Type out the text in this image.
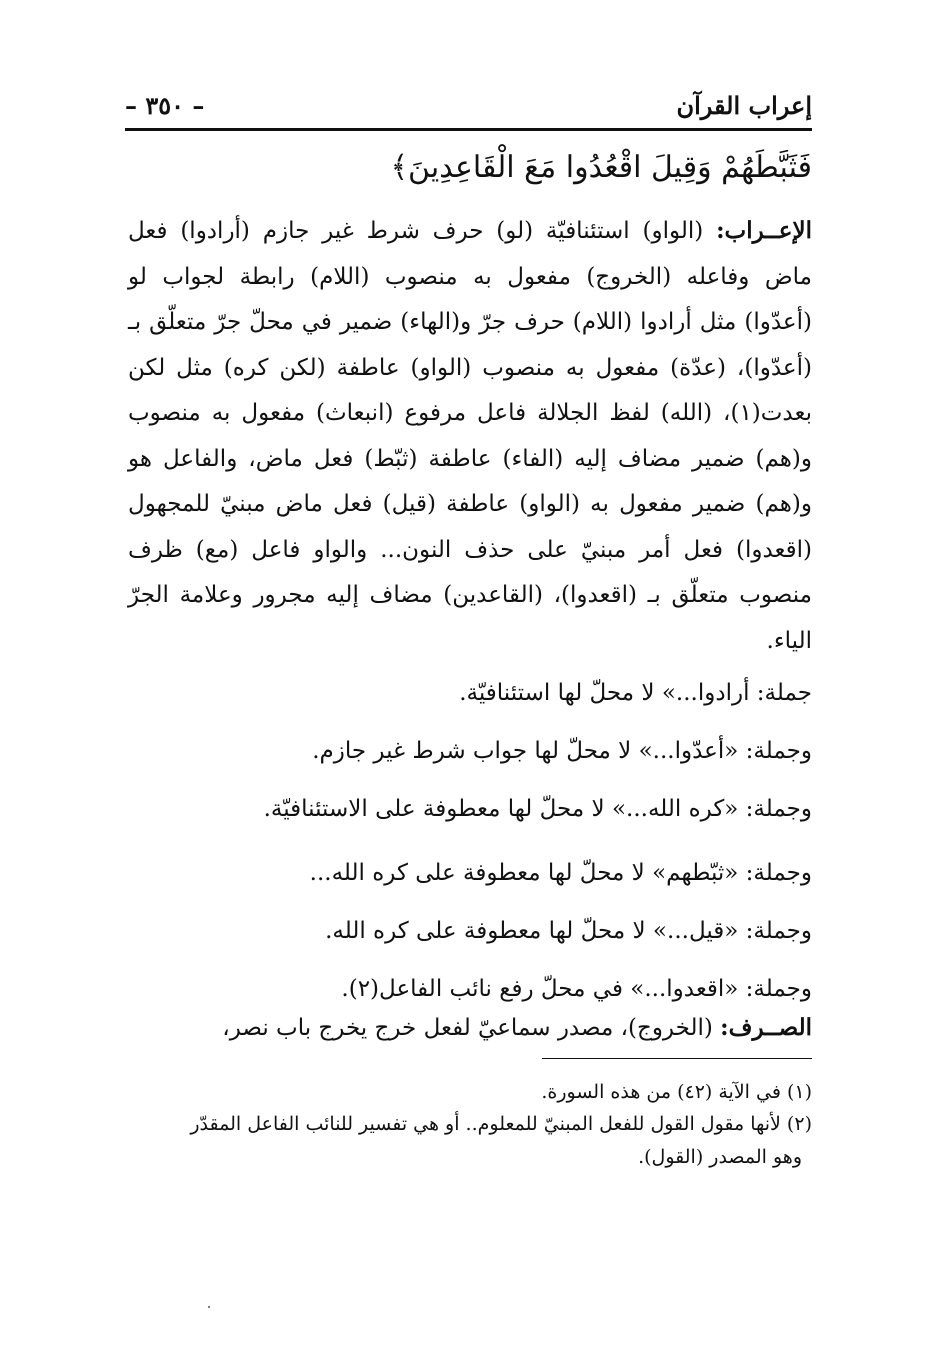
إعراب القرآن
– ٣٥٠ –
فَثَبَّطَهُمْ وَقِيلَ اقْعُدُوا مَعَ الْقَاعِدِينَ﴾
الإعــراب: (الواو) استئنافيّة (لو) حرف شرط غير جازم (أرادوا) فعل ماض وفاعله (الخروج) مفعول به منصوب (اللام) رابطة لجواب لو (أعدّوا) مثل أرادوا (اللام) حرف جرّ و(الهاء) ضمير في محلّ جرّ متعلّق بـ (أعدّوا)، (عدّة) مفعول به منصوب (الواو) عاطفة (لكن كره) مثل لكن بعدت(١)، (الله) لفظ الجلالة فاعل مرفوع (انبعاث) مفعول به منصوب و(هم) ضمير مضاف إليه (الفاء) عاطفة (ثبّط) فعل ماض، والفاعل هو و(هم) ضمير مفعول به (الواو) عاطفة (قيل) فعل ماض مبنيّ للمجهول (اقعدوا) فعل أمر مبنيّ على حذف النون... والواو فاعل (مع) ظرف منصوب متعلّق بـ (اقعدوا)، (القاعدين) مضاف إليه مجرور وعلامة الجرّ الياء.
جملة: أرادوا...» لا محلّ لها استئنافيّة.
وجملة: «أعدّوا...» لا محلّ لها جواب شرط غير جازم.
وجملة: «كره الله...» لا محلّ لها معطوفة على الاستئنافيّة.
وجملة: «ثبّطهم» لا محلّ لها معطوفة على كره الله...
وجملة: «قيل...» لا محلّ لها معطوفة على كره الله.
وجملة: «اقعدوا...» في محلّ رفع نائب الفاعل(٢).
الصــرف: (الخروج)، مصدر سماعيّ لفعل خرج يخرج باب نصر،
(١) في الآية (٤٢) من هذه السورة.
(٢) لأنها مقول القول للفعل المبنيّ للمعلوم.. أو هي تفسير للنائب الفاعل المقدّر
وهو المصدر (القول).
